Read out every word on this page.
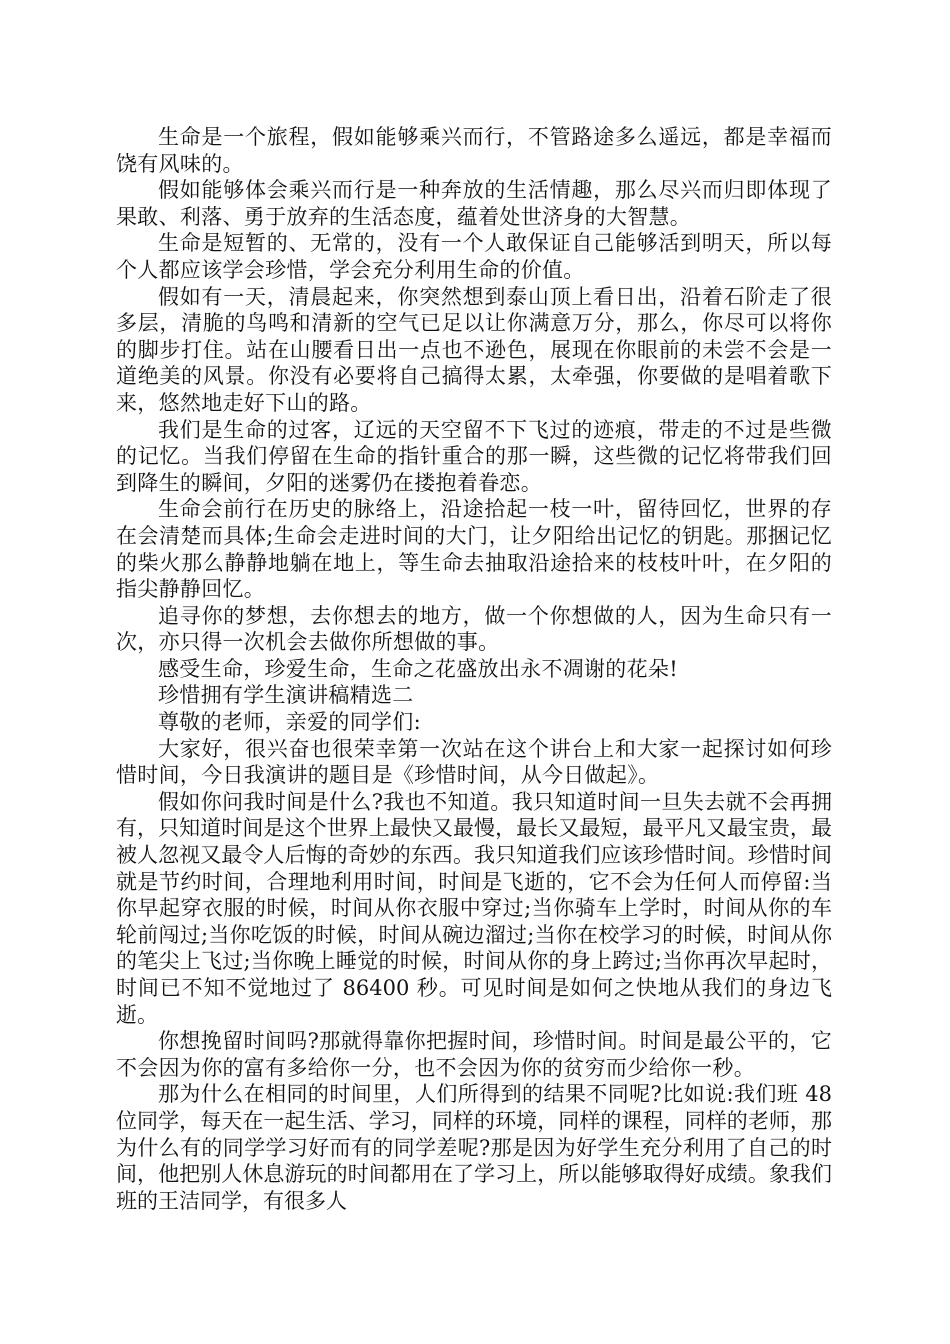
生命是一个旅程，假如能够乘兴而行，不管路途多么遥远，都是幸福而饶有风味的。

假如能够体会乘兴而行是一种奔放的生活情趣，那么尽兴而归即体现了果敢、利落、勇于放弃的生活态度，蕴着处世济身的大智慧。

生命是短暂的、无常的，没有一个人敢保证自己能够活到明天，所以每个人都应该学会珍惜，学会充分利用生命的价值。

假如有一天，清晨起来，你突然想到泰山顶上看日出，沿着石阶走了很多层，清脆的鸟鸣和清新的空气已足以让你满意万分，那么，你尽可以将你的脚步打住。站在山腰看日出一点也不逊色，展现在你眼前的未尝不会是一道绝美的风景。你没有必要将自己搞得太累，太牵强，你要做的是唱着歌下来，悠然地走好下山的路。

我们是生命的过客，辽远的天空留不下飞过的迹痕，带走的不过是些微的记忆。当我们停留在生命的指针重合的那一瞬，这些微的记忆将带我们回到降生的瞬间，夕阳的迷雾仍在搂抱着眷恋。

生命会前行在历史的脉络上，沿途拾起一枝一叶，留待回忆，世界的存在会清楚而具体;生命会走进时间的大门，让夕阳给出记忆的钥匙。那捆记忆的柴火那么静静地躺在地上，等生命去抽取沿途拾来的枝枝叶叶，在夕阳的指尖静静回忆。

追寻你的梦想，去你想去的地方，做一个你想做的人，因为生命只有一次，亦只得一次机会去做你所想做的事。

感受生命，珍爱生命，生命之花盛放出永不凋谢的花朵!

珍惜拥有学生演讲稿精选二

尊敬的老师，亲爱的同学们:

大家好，很兴奋也很荣幸第一次站在这个讲台上和大家一起探讨如何珍惜时间，今日我演讲的题目是《珍惜时间，从今日做起》。

假如你问我时间是什么?我也不知道。我只知道时间一旦失去就不会再拥有，只知道时间是这个世界上最快又最慢，最长又最短，最平凡又最宝贵，最被人忽视又最令人后悔的奇妙的东西。我只知道我们应该珍惜时间。珍惜时间就是节约时间，合理地利用时间，时间是飞逝的，它不会为任何人而停留:当你早起穿衣服的时候，时间从你衣服中穿过;当你骑车上学时，时间从你的车轮前闯过;当你吃饭的时候，时间从碗边溜过;当你在校学习的时候，时间从你的笔尖上飞过;当你晚上睡觉的时候，时间从你的身上跨过;当你再次早起时，时间已不知不觉地过了 86400 秒。可见时间是如何之快地从我们的身边飞逝。

你想挽留时间吗?那就得靠你把握时间，珍惜时间。时间是最公平的，它不会因为你的富有多给你一分，也不会因为你的贫穷而少给你一秒。

那为什么在相同的时间里，人们所得到的结果不同呢?比如说:我们班 48 位同学，每天在一起生活、学习，同样的环境，同样的课程，同样的老师，那为什么有的同学学习好而有的同学差呢?那是因为好学生充分利用了自己的时间，他把别人休息游玩的时间都用在了学习上，所以能够取得好成绩。象我们班的王洁同学，有很多人
